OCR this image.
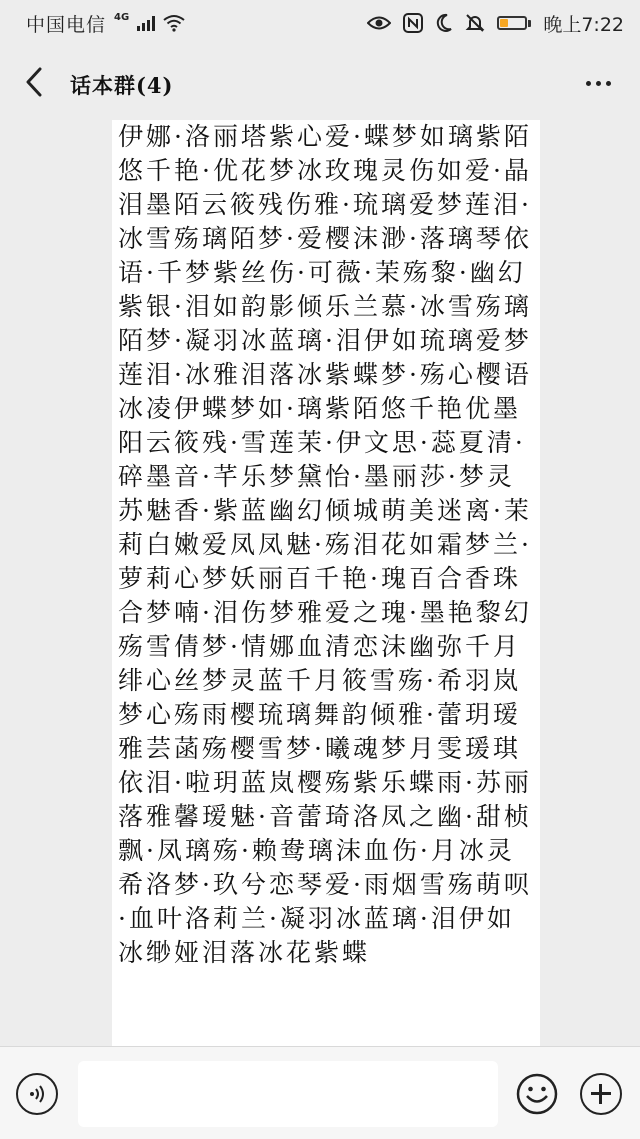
中国电信 4G	晚上7:22
话本群(4)
伊娜·洛丽塔紫心爱·蝶梦如璃紫陌悠千艳·优花梦冰玫瑰灵伤如爱·晶泪墨陌云筱残伤雅·琉璃爱梦莲泪·冰雪殇璃陌梦·爱樱沫渺·落璃琴依语·千梦紫丝伤·可薇·茉殇黎·幽幻紫银·泪如韵影倾乐兰慕·冰雪殇璃陌梦·凝羽冰蓝璃·泪伊如琉璃爱梦莲泪·冰雅泪落冰紫蝶梦·殇心樱语冰凌伊蝶梦如·璃紫陌悠千艳优墨阳云筱残·雪莲茉·伊文思·蕊夏清·碎墨音·芊乐梦黛怡·墨丽莎·梦灵苏魅香·紫蓝幽幻倾城萌美迷离·茉莉白嫩爱凤凤魅·殇泪花如霜梦兰·萝莉心梦妖丽百千艳·瑰百合香珠合梦喃·泪伤梦雅爱之瑰·墨艳黎幻殇雪倩梦·情娜血清恋沫幽弥千月绯心丝梦灵蓝千月筱雪殇·希羽岚梦心殇雨樱琉璃舞韵倾雅·蕾玥瑷雅芸菡殇樱雪梦·曦魂梦月雯瑗琪依泪·啦玥蓝岚樱殇紫乐蝶雨·苏丽落雅馨瑷魅·音蕾琦洛凤之幽·甜桢飘·凤璃殇·赖鸯璃沫血伤·月冰灵希洛梦·玖兮恋琴爱·雨烟雪殇萌呗·血叶洛莉兰·凝羽冰蓝璃·泪伊如冰缈娅泪落冰花紫蝶
